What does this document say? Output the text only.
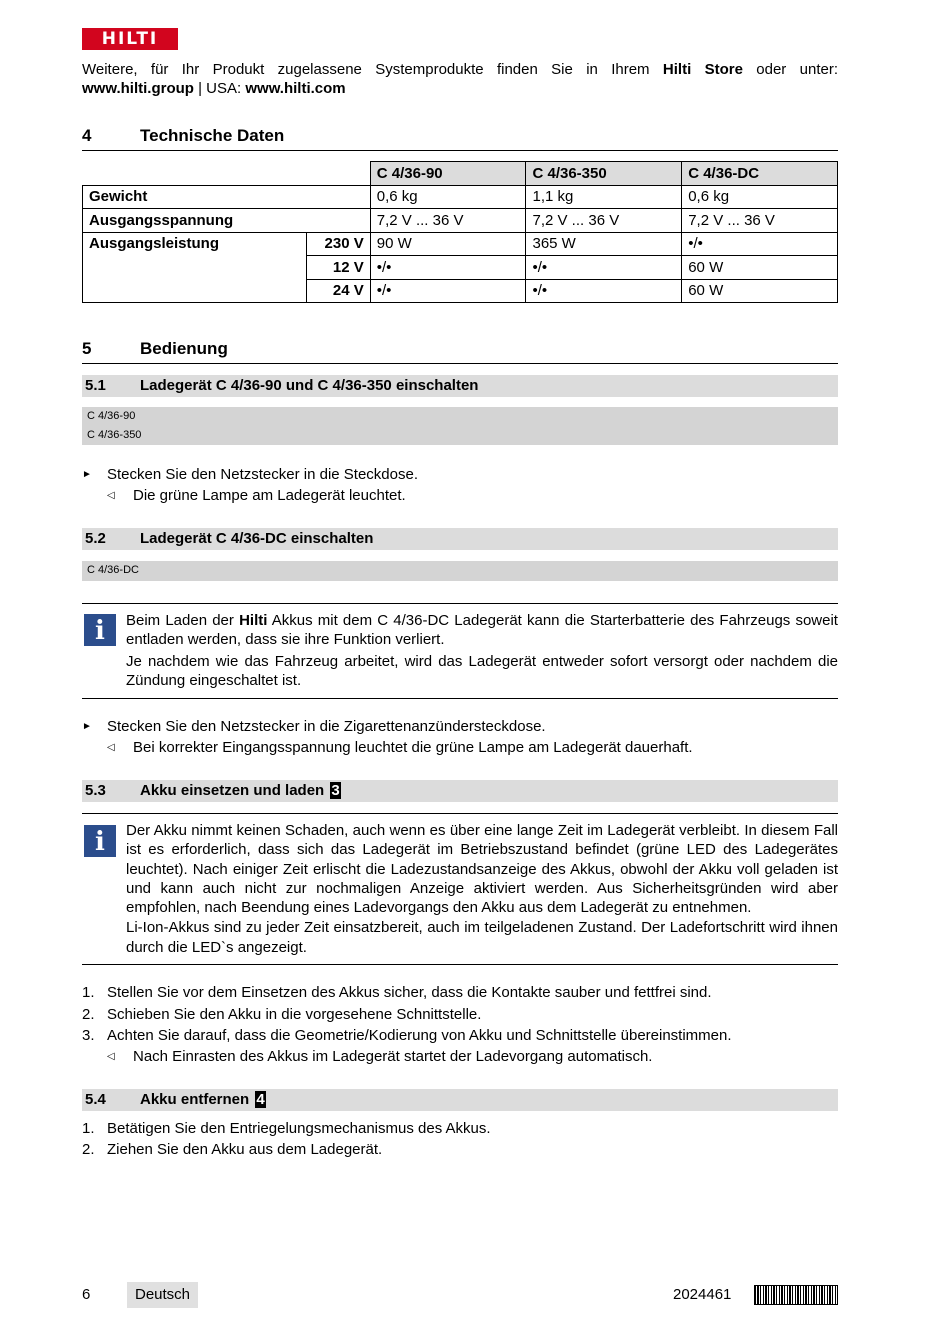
HILTI
Weitere, für Ihr Produkt zugelassene Systemprodukte finden Sie in Ihrem Hilti Store oder unter:
www.hilti.group | USA: www.hilti.com
4	Technische Daten
		C 4/36-90	C 4/36-350	C 4/36-DC
Gewicht		0,6 kg	1,1 kg	0,6 kg
Ausgangsspannung		7,2 V ... 36 V	7,2 V ... 36 V	7,2 V ... 36 V
Ausgangsleistung	230 V	90 W	365 W	•/•
	12 V	•/•	•/•	60 W
	24 V	•/•	•/•	60 W
5	Bedienung
5.1 Ladegerät C 4/36-90 und C 4/36-350 einschalten
C 4/36-90
C 4/36-350
► Stecken Sie den Netzstecker in die Steckdose.
◁ Die grüne Lampe am Ladegerät leuchtet.
5.2 Ladegerät C 4/36-DC einschalten
C 4/36-DC
i	Beim Laden der Hilti Akkus mit dem C 4/36-DC Ladegerät kann die Starterbatterie des Fahrzeugs soweit entladen werden, dass sie ihre Funktion verliert.

Je nachdem wie das Fahrzeug arbeitet, wird das Ladegerät entweder sofort versorgt oder nachdem die Zündung eingeschaltet ist.

► Stecken Sie den Netzstecker in die Zigarettenanzündersteckdose.
◁ Bei korrekter Eingangsspannung leuchtet die grüne Lampe am Ladegerät dauerhaft.
5.3 Akku einsetzen und laden 3
i	Der Akku nimmt keinen Schaden, auch wenn es über eine lange Zeit im Ladegerät verbleibt. In diesem Fall ist es erforderlich, dass sich das Ladegerät im Betriebszustand befindet (grüne LED des Ladegerätes leuchtet). Nach einiger Zeit erlischt die Ladezustandsanzeige des Akkus, obwohl der Akku voll geladen ist und kann auch nicht zur nochmaligen Anzeige aktiviert werden. Aus Sicherheitsgründen wird aber empfohlen, nach Beendung eines Ladevorgangs den Akku aus dem Ladegerät zu entnehmen.

Li-Ion-Akkus sind zu jeder Zeit einsatzbereit, auch im teilgeladenen Zustand. Der Ladefortschritt wird ihnen durch die LED`s angezeigt.

1. Stellen Sie vor dem Einsetzen des Akkus sicher, dass die Kontakte sauber und fettfrei sind.
2. Schieben Sie den Akku in die vorgesehene Schnittstelle.
3. Achten Sie darauf, dass die Geometrie/Kodierung von Akku und Schnittstelle übereinstimmen.
◁ Nach Einrasten des Akkus im Ladegerät startet der Ladevorgang automatisch.
5.4 Akku entfernen 4
1. Betätigen Sie den Entriegelungsmechanismus des Akkus.
2. Ziehen Sie den Akku aus dem Ladegerät.
6	Deutsch	2024461
